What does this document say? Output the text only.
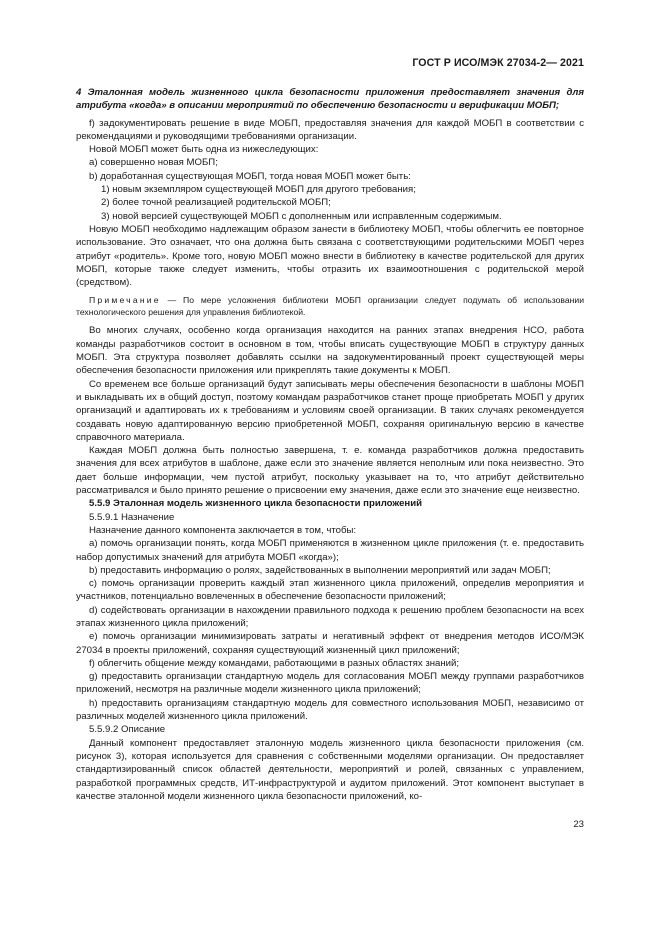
ГОСТ Р ИСО/МЭК 27034-2— 2021

4 Эталонная модель жизненного цикла безопасности приложения предоставляет значения для атрибута «когда» в описании мероприятий по обеспечению безопасности и верификации МОБП;

f) задокументировать решение в виде МОБП, предоставляя значения для каждой МОБП в соответствии с рекомендациями и руководящими требованиями организации.

Новой МОБП может быть одна из нижеследующих:

а) совершенно новая МОБП;

b) доработанная существующая МОБП, тогда новая МОБП может быть:

1) новым экземпляром существующей МОБП для другого требования;

2) более точной реализацией родительской МОБП;

3) новой версией существующей МОБП с дополненным или исправленным содержимым.

Новую МОБП необходимо надлежащим образом занести в библиотеку МОБП, чтобы облегчить ее повторное использование. Это означает, что она должна быть связана с соответствующими родительскими МОБП через атрибут «родитель». Кроме того, новую МОБП можно внести в библиотеку в качестве родительской для других МОБП, которые также следует изменить, чтобы отразить их взаимоотношения с родительской мерой (средством).

Примечание — По мере усложнения библиотеки МОБП организации следует подумать об использовании технологического решения для управления библиотекой.

Во многих случаях, особенно когда организация находится на ранних этапах внедрения НСО, работа команды разработчиков состоит в основном в том, чтобы вписать существующие МОБП в структуру данных МОБП. Эта структура позволяет добавлять ссылки на задокументированный проект существующей меры обеспечения безопасности приложения или прикреплять такие документы к МОБП.

Со временем все больше организаций будут записывать меры обеспечения безопасности в шаблоны МОБП и выкладывать их в общий доступ, поэтому командам разработчиков станет проще приобретать МОБП у других организаций и адаптировать их к требованиям и условиям своей организации. В таких случаях рекомендуется создавать новую адаптированную версию приобретенной МОБП, сохраняя оригинальную версию в качестве справочного материала.

Каждая МОБП должна быть полностью завершена, т. е. команда разработчиков должна предоставить значения для всех атрибутов в шаблоне, даже если это значение является неполным или пока неизвестно. Это дает больше информации, чем пустой атрибут, поскольку указывает на то, что атрибут действительно рассматривался и было принято решение о присвоении ему значения, даже если это значение еще неизвестно.

5.5.9 Эталонная модель жизненного цикла безопасности приложений

5.5.9.1 Назначение

Назначение данного компонента заключается в том, чтобы:

а) помочь организации понять, когда МОБП применяются в жизненном цикле приложения (т. е. предоставить набор допустимых значений для атрибута МОБП «когда»);

b) предоставить информацию о ролях, задействованных в выполнении мероприятий или задач МОБП;

с) помочь организации проверить каждый этап жизненного цикла приложений, определив мероприятия и участников, потенциально вовлеченных в обеспечение безопасности приложений;

d) содействовать организации в нахождении правильного подхода к решению проблем безопасности на всех этапах жизненного цикла приложений;

е) помочь организации минимизировать затраты и негативный эффект от внедрения методов ИСО/МЭК 27034 в проекты приложений, сохраняя существующий жизненный цикл приложений;

f) облегчить общение между командами, работающими в разных областях знаний;

g) предоставить организации стандартную модель для согласования МОБП между группами разработчиков приложений, несмотря на различные модели жизненного цикла приложений;

h) предоставить организациям стандартную модель для совместного использования МОБП, независимо от различных моделей жизненного цикла приложений.

5.5.9.2 Описание

Данный компонент предоставляет эталонную модель жизненного цикла безопасности приложения (см. рисунок 3), которая используется для сравнения с собственными моделями организации. Он предоставляет стандартизированный список областей деятельности, мероприятий и ролей, связанных с управлением, разработкой программных средств, ИТ-инфраструктурой и аудитом приложений. Этот компонент выступает в качестве эталонной модели жизненного цикла безопасности приложений, ко-

23
